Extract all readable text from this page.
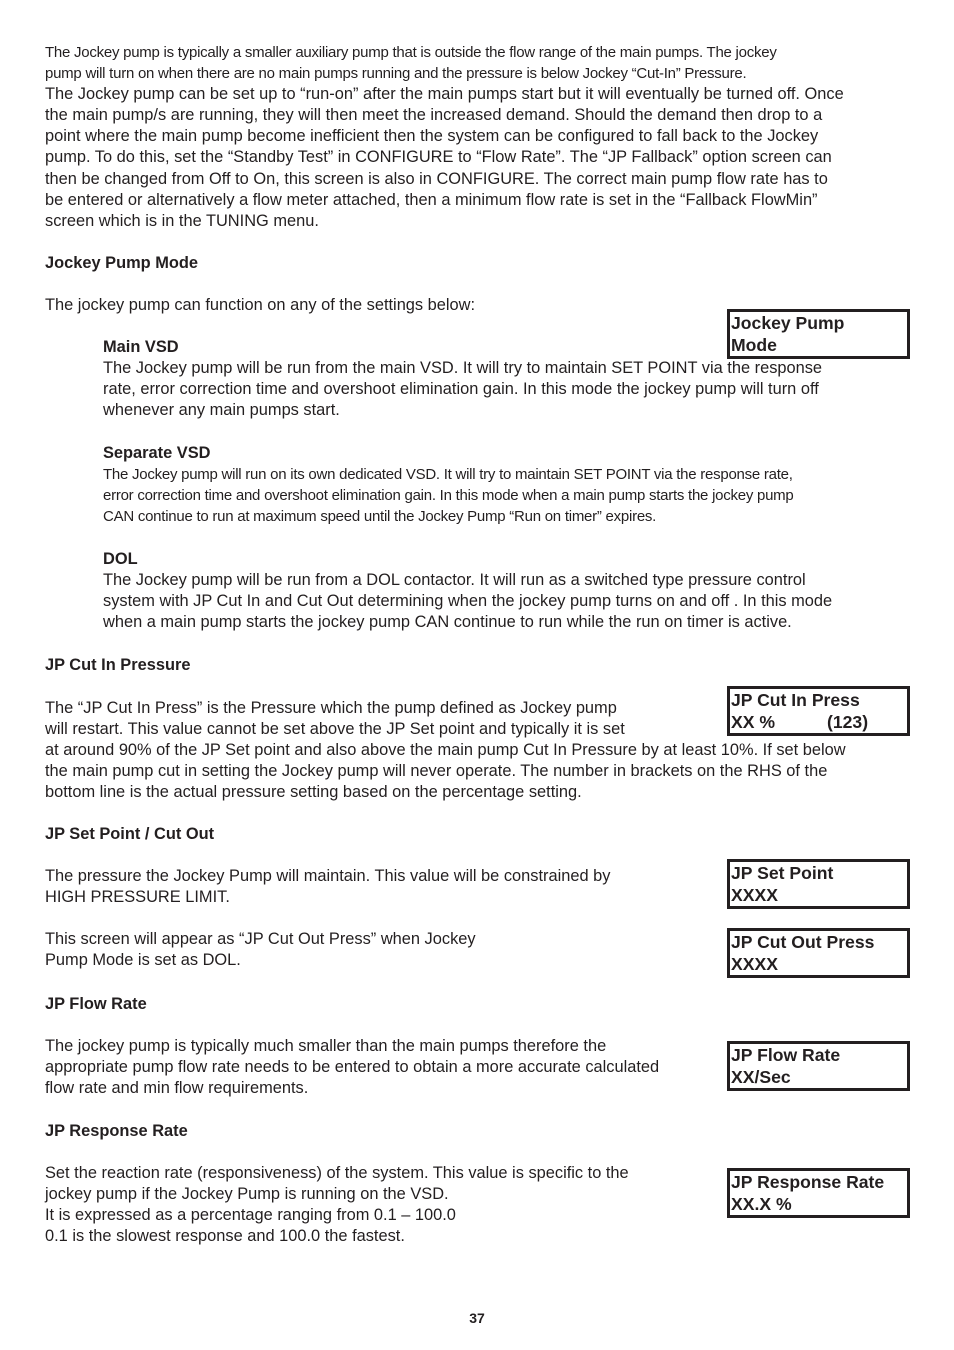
The Jockey pump is typically a smaller auxiliary pump that is outside the flow range of the main pumps. The jockey
pump will turn on when there are no main pumps running and the pressure is below Jockey “Cut-In” Pressure.
The Jockey pump can be set up to “run-on” after the main pumps start but it will eventually be turned off. Once
the main pump/s are running, they will then meet the increased demand. Should the demand then drop to a
point where the main pump become inefficient then the system can be configured to fall back to the Jockey
pump. To do this, set the “Standby Test” in CONFIGURE to “Flow Rate”. The “JP Fallback” option screen can
then be changed from Off to On, this screen is also in CONFIGURE. The correct main pump flow rate has to
be entered or alternatively a flow meter attached, then a minimum flow rate is set in the “Fallback FlowMin”
screen which is in the TUNING menu.
Jockey Pump Mode
The jockey pump can function on any of the settings below:
Jockey Pump
Mode
Main VSD
The Jockey pump will be run from the main VSD. It will try to maintain SET POINT via the response
rate, error correction time and overshoot elimination gain. In this mode the jockey pump will turn off
whenever any main pumps start.
Separate VSD
The Jockey pump will run on its own dedicated VSD. It will try to maintain SET POINT via the response rate,
error correction time and overshoot elimination gain. In this mode when a main pump starts the jockey pump
CAN continue to run at maximum speed until the Jockey Pump “Run on timer” expires.
DOL
The Jockey pump will be run from a DOL contactor. It will run as a switched type pressure control
system with JP Cut In and Cut Out determining when the jockey pump turns on and off . In this mode
when a main pump starts the jockey pump CAN continue to run while the run on timer is active.
JP Cut In Pressure
The “JP Cut In Press” is the Pressure which the pump defined as Jockey pump
will restart. This value cannot be set above the JP Set point and typically it is set
at around 90% of the JP Set point and also above the main pump Cut In Pressure by at least 10%. If set below
the main pump cut in setting the Jockey pump will never operate. The number in brackets on the RHS of the
bottom line is the actual pressure setting based on the percentage setting.
JP Cut In Press
XX %	(123)
JP Set Point / Cut Out
The pressure the Jockey Pump will maintain. This value will be constrained by
HIGH PRESSURE LIMIT.
This screen will appear as “JP Cut Out Press” when Jockey
Pump Mode is set as DOL.
JP Set Point
XXXX
JP Cut Out Press
XXXX
JP Flow Rate
The jockey pump is typically much smaller than the main pumps therefore the
appropriate pump flow rate needs to be entered to obtain a more accurate calculated
flow rate and min flow requirements.
JP Flow Rate
XX/Sec
JP Response Rate
Set the reaction rate (responsiveness) of the system. This value is specific to the
jockey pump if the Jockey Pump is running on the VSD.
It is expressed as a percentage ranging from 0.1 – 100.0
0.1 is the slowest response and 100.0 the fastest.
JP Response Rate
XX.X %
37
